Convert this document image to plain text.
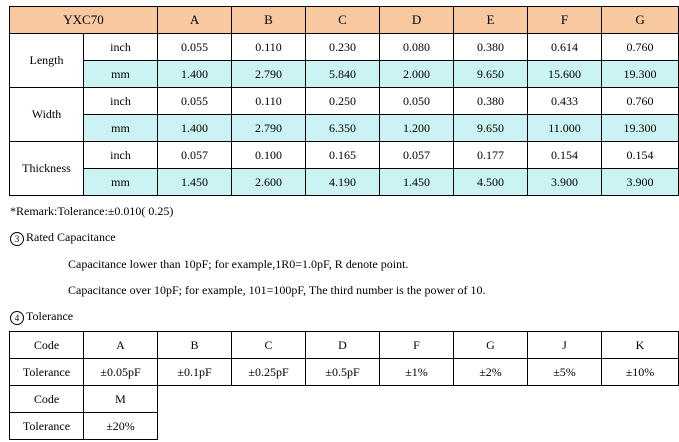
YXC70		A	B	C	D	E	F	G
Length	inch	0.055	0.110	0.230	0.080	0.380	0.614	0.760
	mm	1.400	2.790	5.840	2.000	9.650	15.600	19.300
Width	inch	0.055	0.110	0.250	0.050	0.380	0.433	0.760
	mm	1.400	2.790	6.350	1.200	9.650	11.000	19.300
Thickness	inch	0.057	0.100	0.165	0.057	0.177	0.154	0.154
	mm	1.450	2.600	4.190	1.450	4.500	3.900	3.900
*Remark:Tolerance:±0.010( 0.25)
3 Rated Capacitance
Capacitance lower than 10pF; for example,1R0=1.0pF, R denote point.
Capacitance over 10pF; for example, 101=100pF, The third number is the power of 10.
4 Tolerance
Code	A	B	C	D	F	G	J	K
Tolerance	±0.05pF	±0.1pF	±0.25pF	±0.5pF	±1%	±2%	±5%	±10%
Code	M							
Tolerance	±20%							
